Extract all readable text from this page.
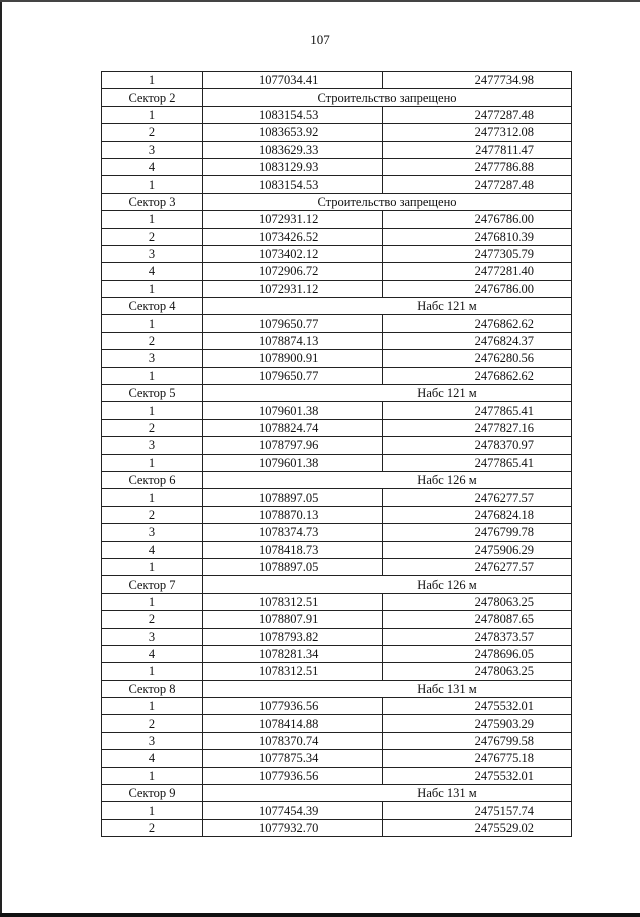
107
1	1077034.41	2477734.98
Сектор 2	Строительство запрещено	
1	1083154.53	2477287.48
2	1083653.92	2477312.08
3	1083629.33	2477811.47
4	1083129.93	2477786.88
1	1083154.53	2477287.48
Сектор 3	Строительство запрещено	
1	1072931.12	2476786.00
2	1073426.52	2476810.39
3	1073402.12	2477305.79
4	1072906.72	2477281.40
1	1072931.12	2476786.00
Сектор 4	Набс 121 м	
1	1079650.77	2476862.62
2	1078874.13	2476824.37
3	1078900.91	2476280.56
1	1079650.77	2476862.62
Сектор 5	Набс 121 м	
1	1079601.38	2477865.41
2	1078824.74	2477827.16
3	1078797.96	2478370.97
1	1079601.38	2477865.41
Сектор 6	Набс 126 м	
1	1078897.05	2476277.57
2	1078870.13	2476824.18
3	1078374.73	2476799.78
4	1078418.73	2475906.29
1	1078897.05	2476277.57
Сектор 7	Набс 126 м	
1	1078312.51	2478063.25
2	1078807.91	2478087.65
3	1078793.82	2478373.57
4	1078281.34	2478696.05
1	1078312.51	2478063.25
Сектор 8	Набс 131 м	
1	1077936.56	2475532.01
2	1078414.88	2475903.29
3	1078370.74	2476799.58
4	1077875.34	2476775.18
1	1077936.56	2475532.01
Сектор 9	Набс 131 м	
1	1077454.39	2475157.74
2	1077932.70	2475529.02
